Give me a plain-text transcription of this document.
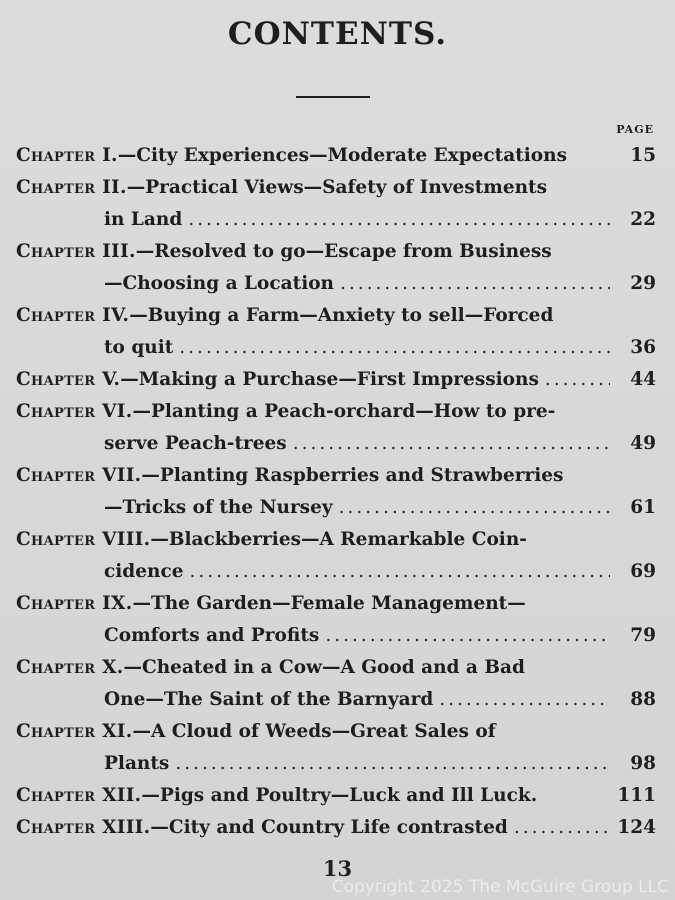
CONTENTS.
PAGE
Chapter I. —City Experiences—Moderate Expectations	15
Chapter II. —Practical Views—Safety of Investments
in Land .....	22
Chapter III. —Resolved to go—Escape from Business
—Choosing a Location .....	29
Chapter IV. —Buying a Farm—Anxiety to sell—Forced
to quit .....	36
Chapter V. —Making a Purchase—First Impressions .....	44
Chapter VI. —Planting a Peach-orchard—How to pre-
serve Peach-trees .....	49
Chapter VII. —Planting Raspberries and Strawberries
—Tricks of the Nursey .....	61
Chapter VIII. —Blackberries—A Remarkable Coin-
cidence .....	69
Chapter IX. —The Garden—Female Management—
Comforts and Profits .....	79
Chapter X. —Cheated in a Cow—A Good and a Bad
One—The Saint of the Barnyard .....	88
Chapter XI. —A Cloud of Weeds—Great Sales of
Plants .....	98
Chapter XII. —Pigs and Poultry—Luck and Ill Luck.	111
Chapter XIII. —City and Country Life contrasted .....	124
13
Copyright 2025 The McGuire Group LLC
